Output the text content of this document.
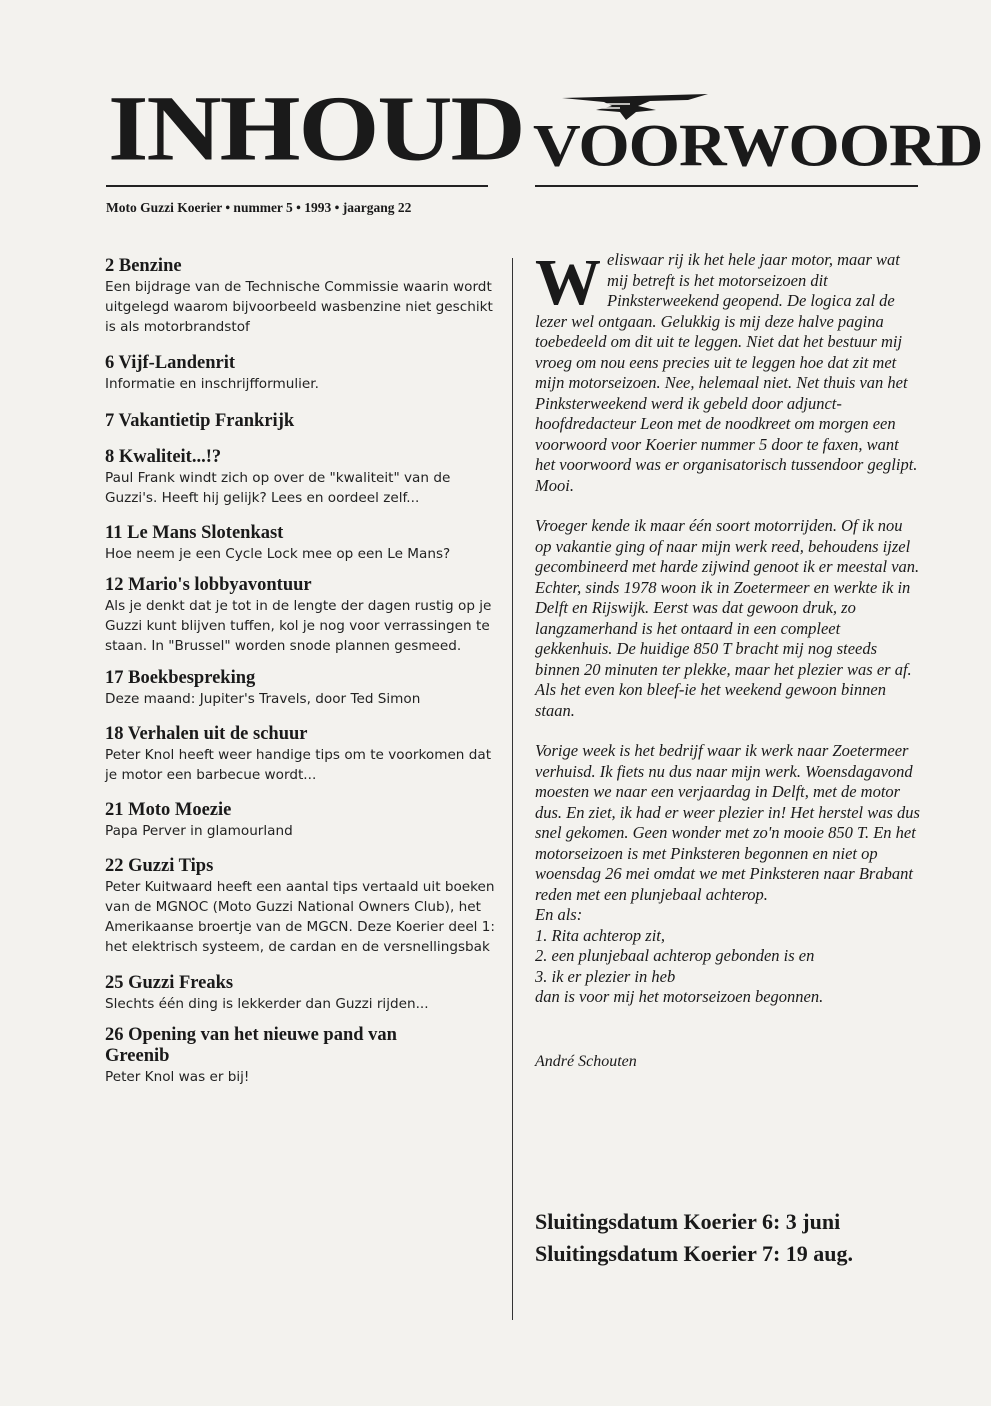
INHOUD VOORWOORD

Moto Guzzi Koerier • nummer 5 • 1993 • jaargang 22

2 Benzine

Een bijdrage van de Technische Commissie waarin wordt uitgelegd waarom bijvoorbeeld wasbenzine niet geschikt is als motorbrandstof

6 Vijf-Landenrit

Informatie en inschrijfformulier.

7 Vakantietip Frankrijk

8 Kwaliteit...!?

Paul Frank windt zich op over de "kwaliteit" van de Guzzi's. Heeft hij gelijk? Lees en oordeel zelf...

11 Le Mans Slotenkast

Hoe neem je een Cycle Lock mee op een Le Mans?

12 Mario's lobbyavontuur

Als je denkt dat je tot in de lengte der dagen rustig op je Guzzi kunt blijven tuffen, kol je nog voor verrassingen te staan. In "Brussel" worden snode plannen gesmeed.

17 Boekbespreking

Deze maand: Jupiter's Travels, door Ted Simon

18 Verhalen uit de schuur

Peter Knol heeft weer handige tips om te voorkomen dat je motor een barbecue wordt...

21 Moto Moezie

Papa Perver in glamourland

22 Guzzi Tips

Peter Kuitwaard heeft een aantal tips vertaald uit boeken van de MGNOC (Moto Guzzi National Owners Club), het Amerikaanse broertje van de MGCN. Deze Koerier deel 1: het elektrisch systeem, de cardan en de versnellingsbak

25 Guzzi Freaks

Slechts één ding is lekkerder dan Guzzi rijden...

26 Opening van het nieuwe pand van Greenib

Peter Knol was er bij!

Weliswaar rij ik het hele jaar motor, maar wat mij betreft is het motorseizoen dit Pinksterweekend geopend. De logica zal de lezer wel ontgaan. Gelukkig is mij deze halve pagina toebedeeld om dit uit te leggen. Niet dat het bestuur mij vroeg om nou eens precies uit te leggen hoe dat zit met mijn motorseizoen. Nee, helemaal niet. Net thuis van het Pinksterweekend werd ik gebeld door adjunct-hoofdredacteur Leon met de noodkreet om morgen een voorwoord voor Koerier nummer 5 door te faxen, want het voorwoord was er organisatorisch tussendoor geglipt. Mooi.

Vroeger kende ik maar één soort motorrijden. Of ik nou op vakantie ging of naar mijn werk reed, behoudens ijzel gecombineerd met harde zijwind genoot ik er meestal van. Echter, sinds 1978 woon ik in Zoetermeer en werkte ik in Delft en Rijswijk. Eerst was dat gewoon druk, zo langzamerhand is het ontaard in een compleet gekkenhuis. De huidige 850 T bracht mij nog steeds binnen 20 minuten ter plekke, maar het plezier was er af. Als het even kon bleef-ie het weekend gewoon binnen staan.

Vorige week is het bedrijf waar ik werk naar Zoetermeer verhuisd. Ik fiets nu dus naar mijn werk. Woensdagavond moesten we naar een verjaardag in Delft, met de motor dus. En ziet, ik had er weer plezier in! Het herstel was dus snel gekomen. Geen wonder met zo'n mooie 850 T. En het motorseizoen is met Pinksteren begonnen en niet op woensdag 26 mei omdat we met Pinksteren naar Brabant reden met een plunjebaal achterop.

En als:

1. Rita achterop zit,

2. een plunjebaal achterop gebonden is en

3. ik er plezier in heb

dan is voor mij het motorseizoen begonnen.

André Schouten

Sluitingsdatum Koerier 6: 3 juni
Sluitingsdatum Koerier 7: 19 aug.
